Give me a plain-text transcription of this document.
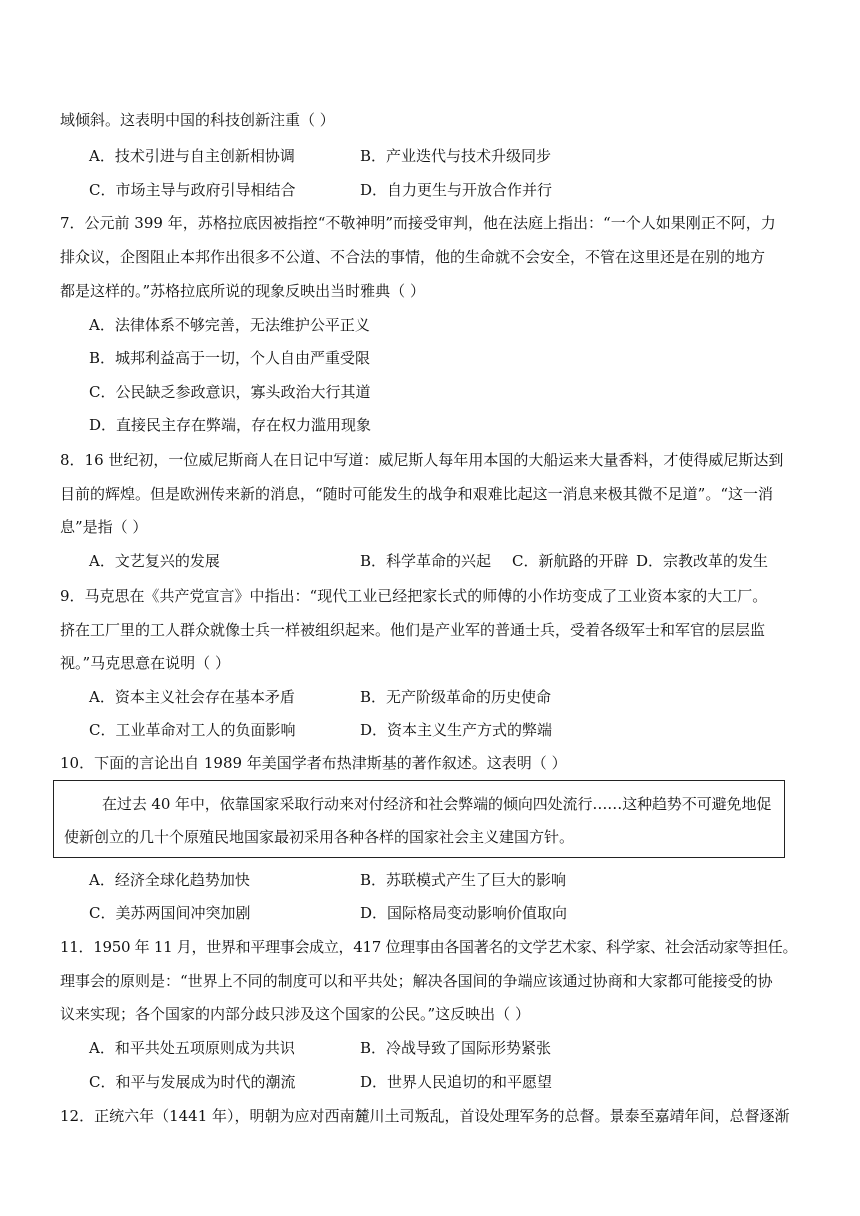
域倾斜。这表明中国的科技创新注重（ ）
A．技术引进与自主创新相协调	B．产业迭代与技术升级同步
C．市场主导与政府引导相结合	D．自力更生与开放合作并行
7．公元前 399 年，苏格拉底因被指控“不敬神明”而接受审判，他在法庭上指出：“一个人如果刚正不阿，力
排众议，企图阻止本邦作出很多不公道、不合法的事情，他的生命就不会安全，不管在这里还是在别的地方
都是这样的。”苏格拉底所说的现象反映出当时雅典（ ）
A．法律体系不够完善，无法维护公平正义
B．城邦利益高于一切，个人自由严重受限
C．公民缺乏参政意识，寡头政治大行其道
D．直接民主存在弊端，存在权力滥用现象
8．16 世纪初，一位威尼斯商人在日记中写道：威尼斯人每年用本国的大船运来大量香料，才使得威尼斯达到
目前的辉煌。但是欧洲传来新的消息，“随时可能发生的战争和艰难比起这一消息来极其微不足道”。“这一消
息”是指（ ）
A．文艺复兴的发展	B．科学革命的兴起 C．新航路的开辟 D．宗教改革的发生
9．马克思在《共产党宣言》中指出：“现代工业已经把家长式的师傅的小作坊变成了工业资本家的大工厂。
挤在工厂里的工人群众就像士兵一样被组织起来。他们是产业军的普通士兵，受着各级军士和军官的层层监
视。”马克思意在说明（ ）
A．资本主义社会存在基本矛盾	B．无产阶级革命的历史使命
C．工业革命对工人的负面影响	D．资本主义生产方式的弊端
10．下面的言论出自 1989 年美国学者布热津斯基的著作叙述。这表明（ ）
在过去 40 年中，依靠国家采取行动来对付经济和社会弊端的倾向四处流行……这种趋势不可避免地促
使新创立的几十个原殖民地国家最初采用各种各样的国家社会主义建国方针。
A．经济全球化趋势加快	B．苏联模式产生了巨大的影响
C．美苏两国间冲突加剧	D．国际格局变动影响价值取向
11．1950 年 11 月，世界和平理事会成立，417 位理事由各国著名的文学艺术家、科学家、社会活动家等担任。
理事会的原则是：“世界上不同的制度可以和平共处；解决各国间的争端应该通过协商和大家都可能接受的协
议来实现；各个国家的内部分歧只涉及这个国家的公民。”这反映出（ ）
A．和平共处五项原则成为共识	B．冷战导致了国际形势紧张
C．和平与发展成为时代的潮流	D．世界人民追切的和平愿望
12．正统六年（1441 年），明朝为应对西南麓川土司叛乱，首设处理军务的总督。景泰至嘉靖年间，总督逐渐
